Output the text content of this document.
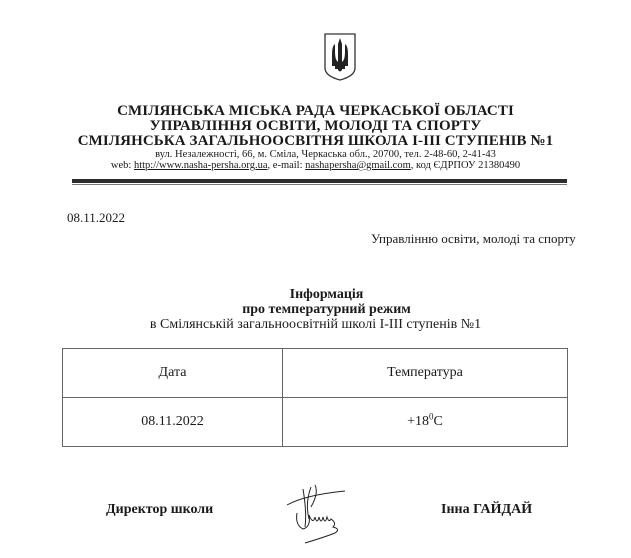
СМІЛЯНСЬКА МІСЬКА РАДА ЧЕРКАСЬКОЇ ОБЛАСТІ
УПРАВЛІННЯ ОСВІТИ, МОЛОДІ ТА СПОРТУ
СМІЛЯНСЬКА ЗАГАЛЬНООСВІТНЯ ШКОЛА І-ІІІ СТУПЕНІВ №1
вул. Незалежності, 66, м. Сміла, Черкаська обл., 20700, тел. 2-48-60, 2-41-43
web: http://www.nasha-persha.org.ua, e-mail: nashapersha@gmail.com, код ЄДРПОУ 21380490
08.11.2022
Управлінню освіти, молоді та спорту
Інформація
про температурний режим
в Смілянській загальноосвітній школі І-ІІІ ступенів №1
Дата	Температура
08.11.2022	$+18^0C$
Директор школи	Інна ГАЙДАЙ
